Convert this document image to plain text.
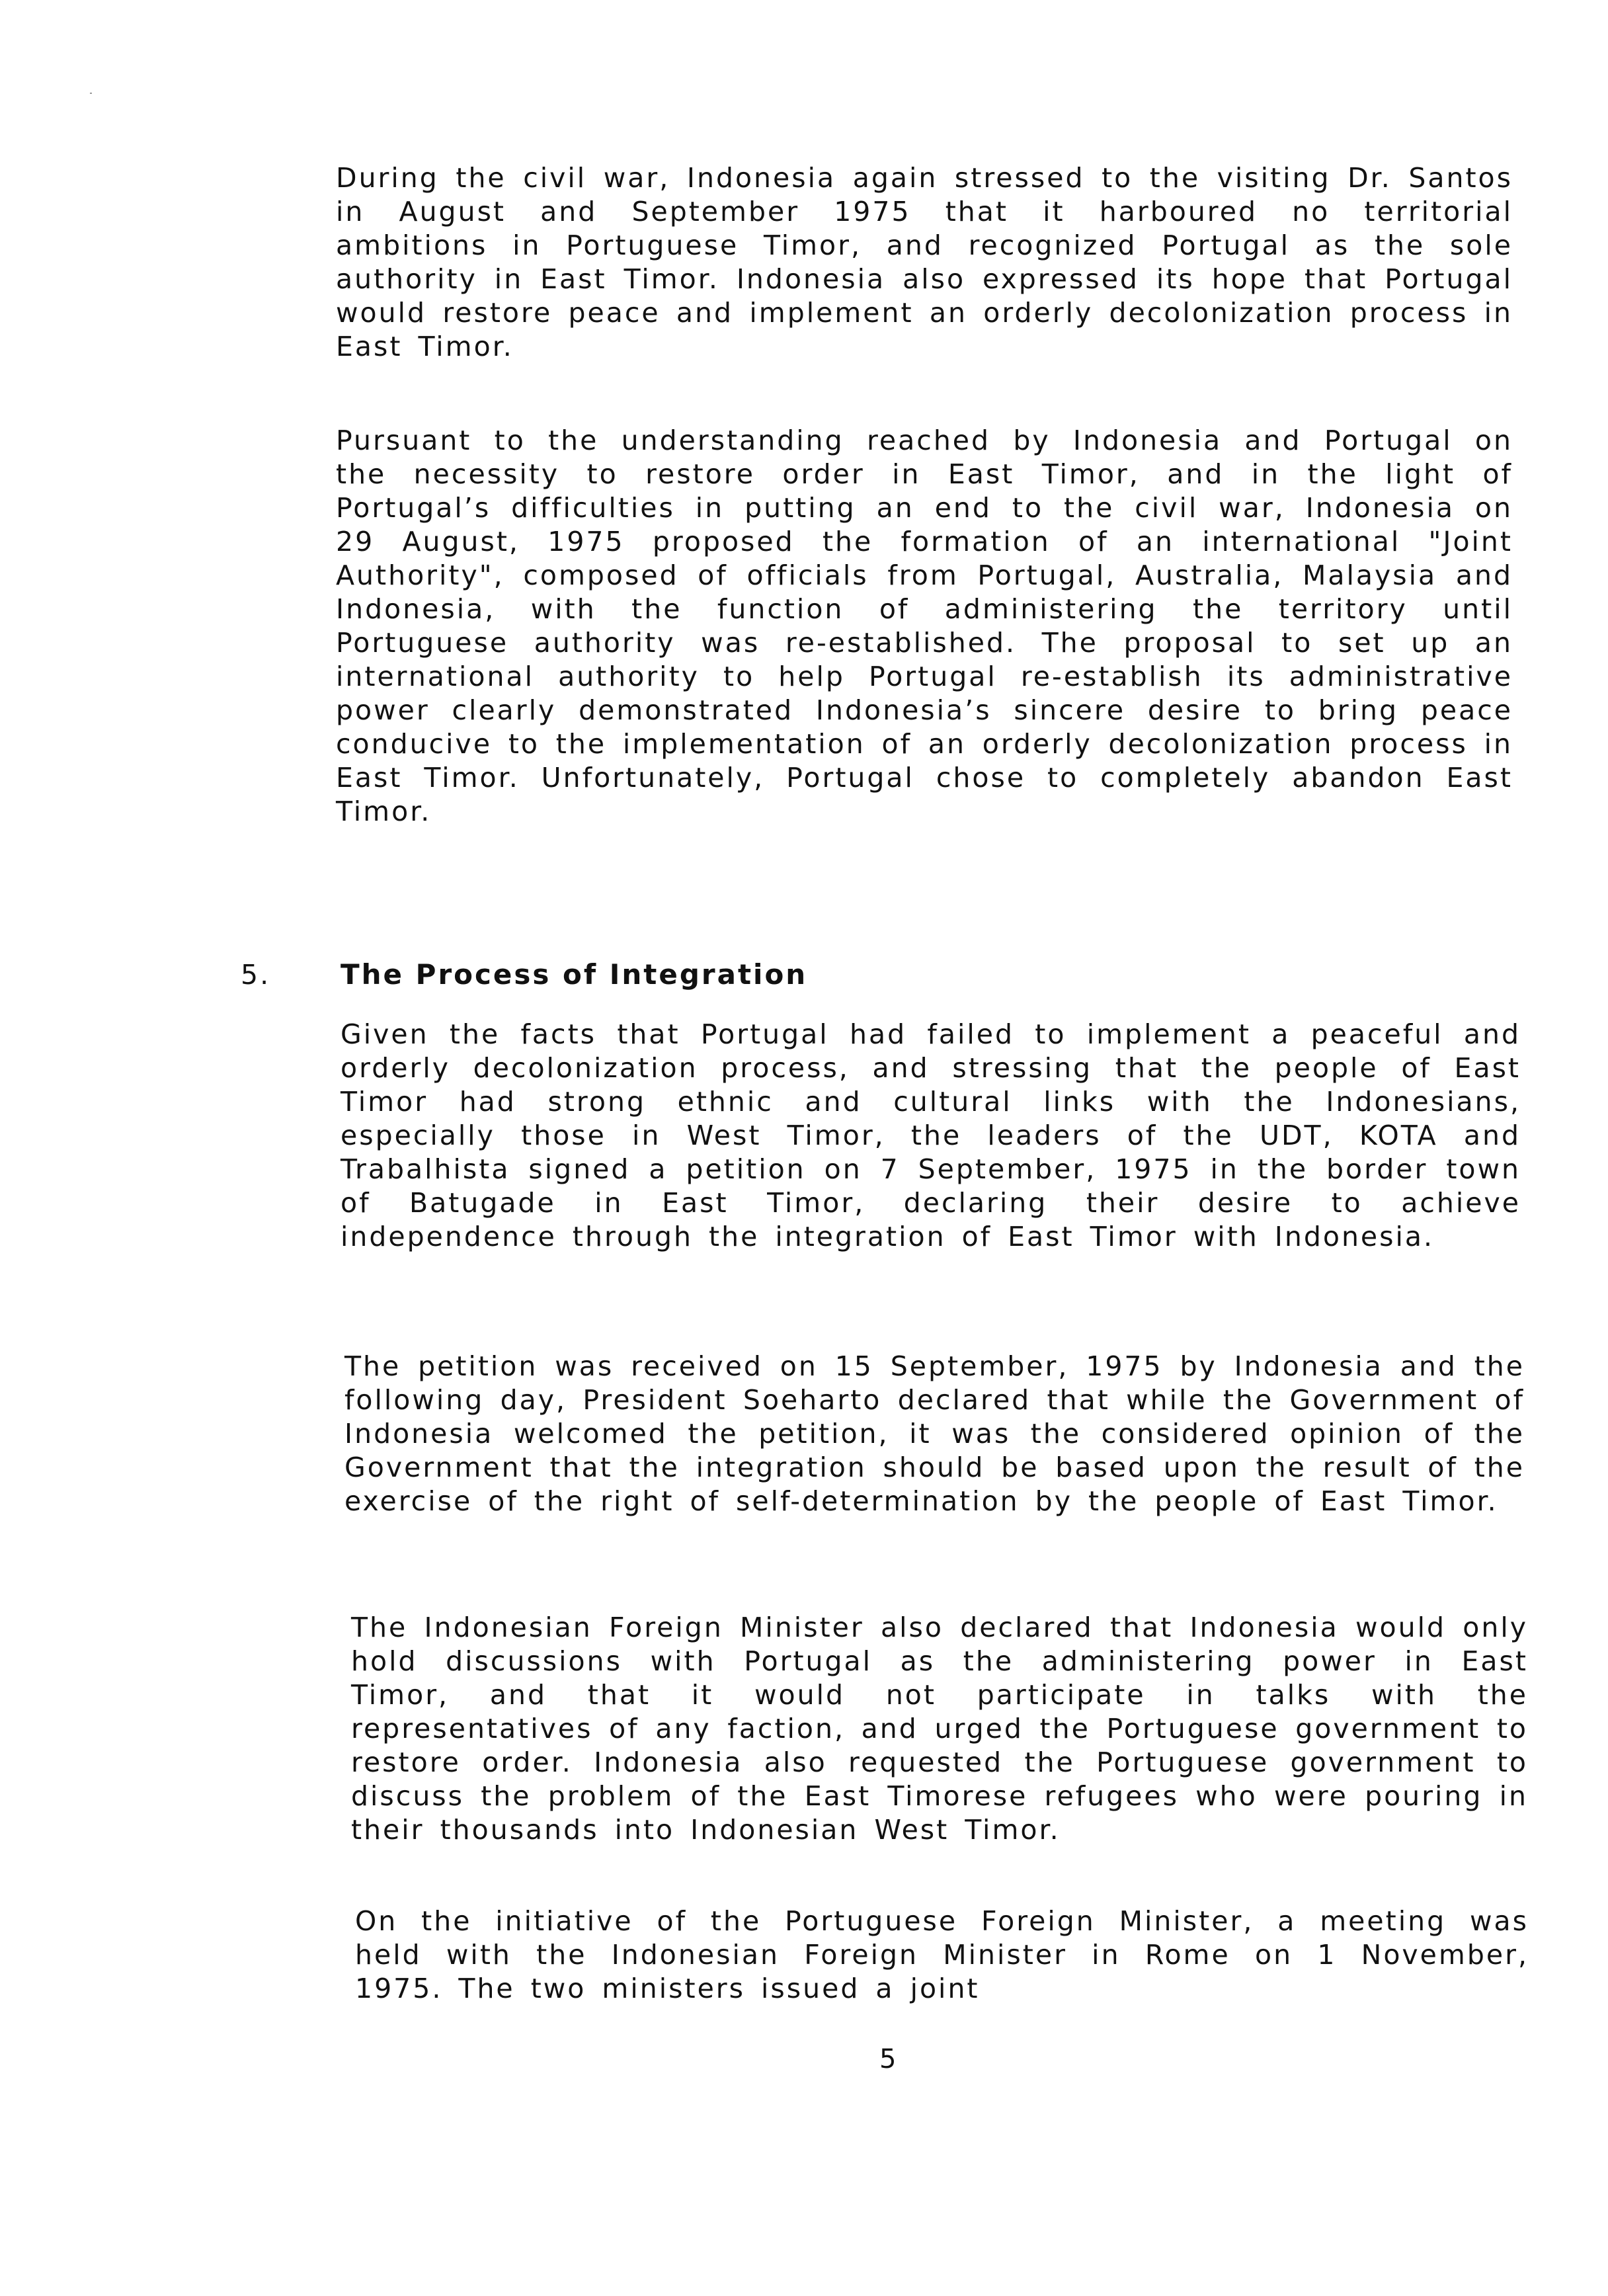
During the civil war, Indonesia again stressed to the visiting Dr. Santos in August and September 1975 that it harboured no territorial ambitions in Portuguese Timor, and recognized Portugal as the sole authority in East Timor. Indonesia also expressed its hope that Portugal would restore peace and implement an orderly decolonization process in East Timor.

Pursuant to the understanding reached by Indonesia and Portugal on the necessity to restore order in East Timor, and in the light of Portugal’s difficulties in putting an end to the civil war, Indonesia on 29 August, 1975 proposed the formation of an international "Joint Authority", composed of officials from Portugal, Australia, Malaysia and Indonesia, with the function of administering the territory until Portuguese authority was re-established. The proposal to set up an international authority to help Portugal re-establish its administrative power clearly demonstrated Indonesia’s sincere desire to bring peace conducive to the implementation of an orderly decolonization process in East Timor. Unfortunately, Portugal chose to completely abandon East Timor.

5.	The Process of Integration

Given the facts that Portugal had failed to implement a peaceful and orderly decolonization process, and stressing that the people of East Timor had strong ethnic and cultural links with the Indonesians, especially those in West Timor, the leaders of the UDT, KOTA and Trabalhista signed a petition on 7 September, 1975 in the border town of Batugade in East Timor, declaring their desire to achieve independence through the integration of East Timor with Indonesia.

The petition was received on 15 September, 1975 by Indonesia and the following day, President Soeharto declared that while the Government of Indonesia welcomed the petition, it was the considered opinion of the Government that the integration should be based upon the result of the exercise of the right of self-determination by the people of East Timor.

The Indonesian Foreign Minister also declared that Indonesia would only hold discussions with Portugal as the administering power in East Timor, and that it would not participate in talks with the representatives of any faction, and urged the Portuguese government to restore order. Indonesia also requested the Portuguese government to discuss the problem of the East Timorese refugees who were pouring in their thousands into Indonesian West Timor.

On the initiative of the Portuguese Foreign Minister, a meeting was held with the Indonesian Foreign Minister in Rome on 1 November, 1975. The two ministers issued a joint

5
